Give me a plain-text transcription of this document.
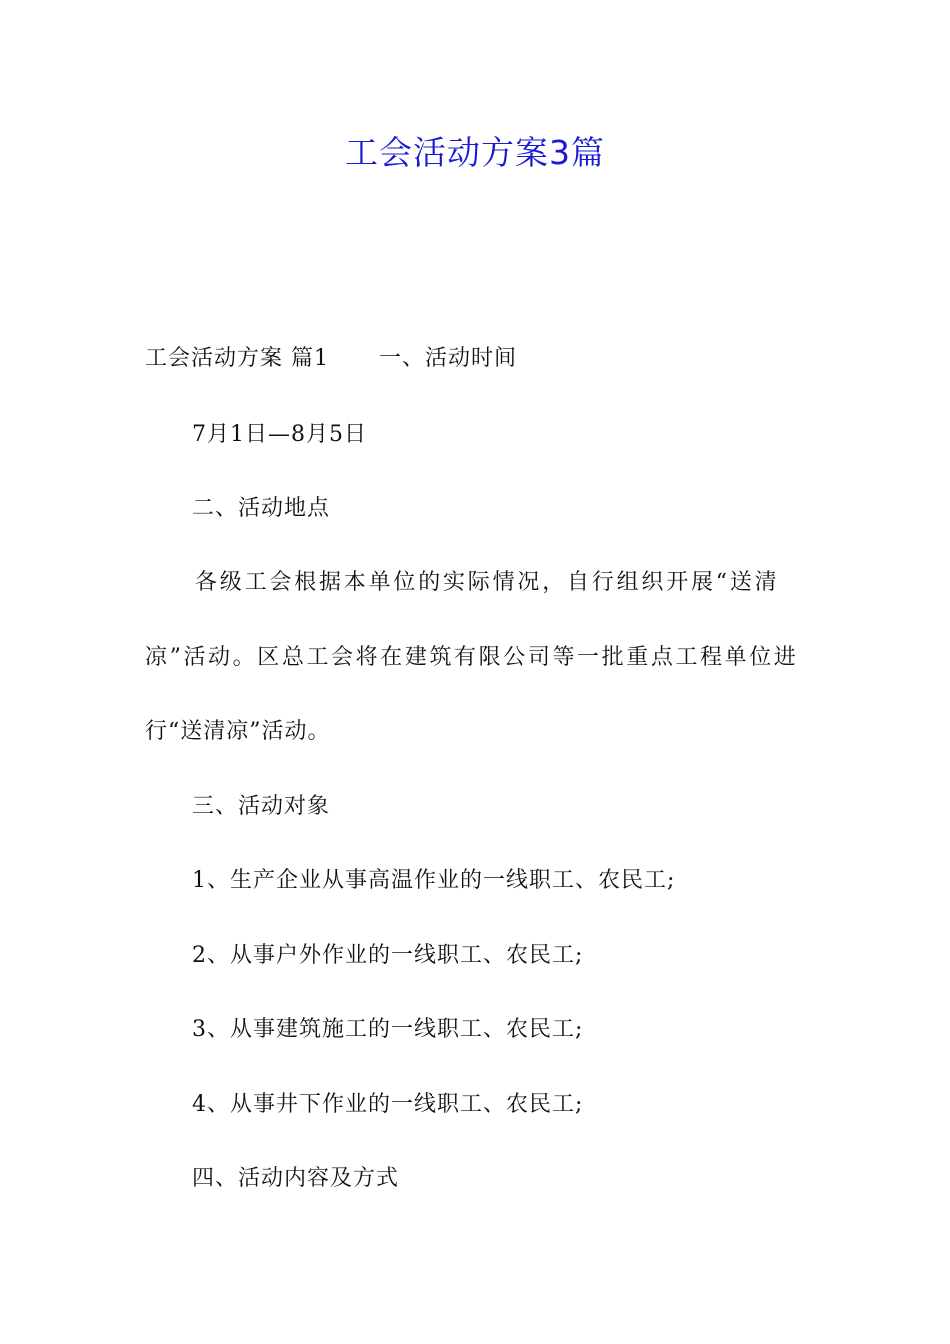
工会活动方案3篇
工会活动方案 篇1 一、活动时间
7月1日—8月5日
二、活动地点
各级工会根据本单位的实际情况，自行组织开展“送清
凉”活动。区总工会将在建筑有限公司等一批重点工程单位进
行“送清凉”活动。
三、活动对象
1、生产企业从事高温作业的一线职工、农民工;
2、从事户外作业的一线职工、农民工;
3、从事建筑施工的一线职工、农民工;
4、从事井下作业的一线职工、农民工;
四、活动内容及方式
